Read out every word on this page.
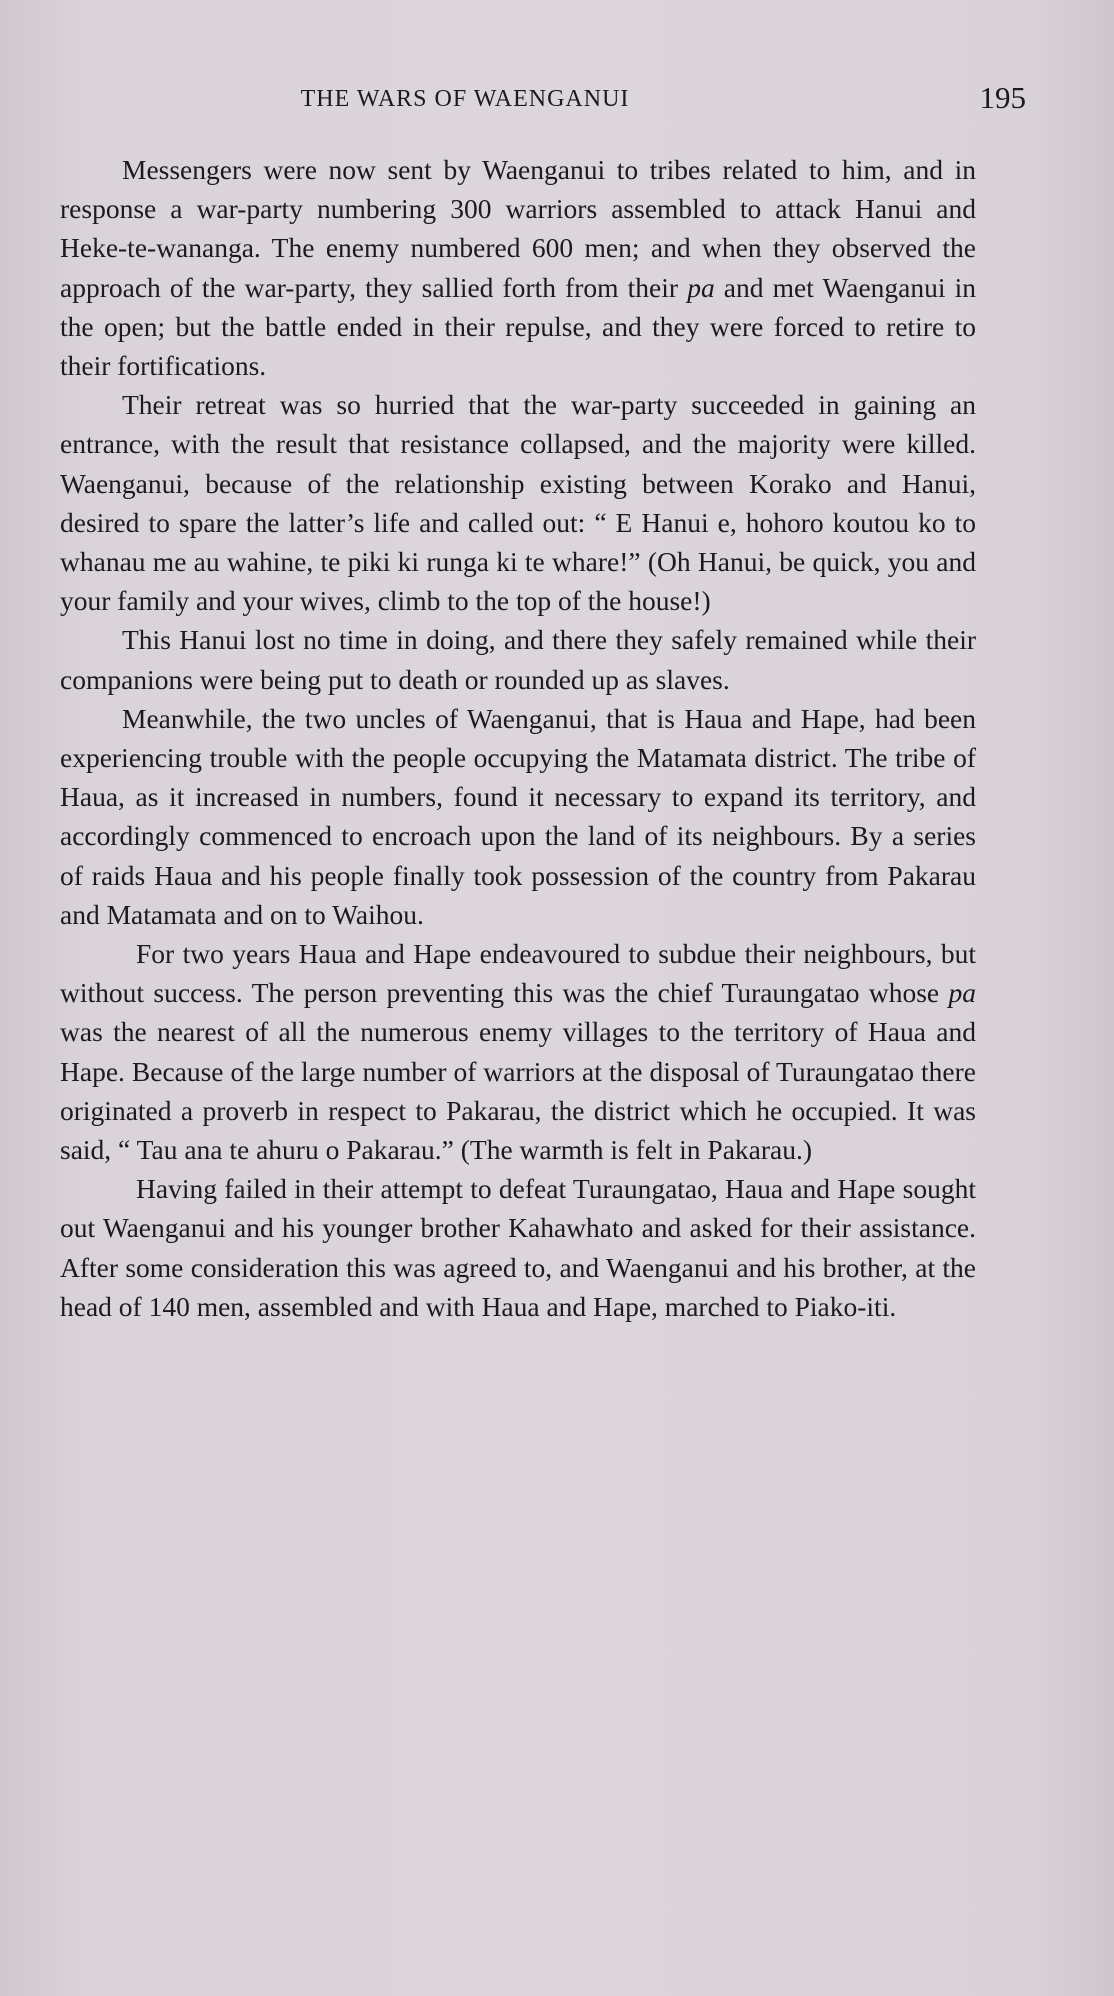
THE WARS OF WAENGANUI	195

Messengers were now sent by Waenganui to tribes related to him, and in response a war-party numbering 300 warriors assembled to attack Hanui and Heke-te-wananga. The enemy numbered 600 men; and when they observed the approach of the war-party, they sallied forth from their pa and met Waenganui in the open; but the battle ended in their repulse, and they were forced to retire to their fortifications.

Their retreat was so hurried that the war-party succeeded in gaining an entrance, with the result that resistance collapsed, and the majority were killed. Waenganui, because of the relationship existing between Korako and Hanui, desired to spare the latter’s life and called out: “ E Hanui e, hohoro koutou ko to whanau me au wahine, te piki ki runga ki te whare!” (Oh Hanui, be quick, you and your family and your wives, climb to the top of the house!)

This Hanui lost no time in doing, and there they safely remained while their companions were being put to death or rounded up as slaves.

Meanwhile, the two uncles of Waenganui, that is Haua and Hape, had been experiencing trouble with the people occupying the Matamata district. The tribe of Haua, as it increased in numbers, found it necessary to expand its territory, and accordingly commenced to encroach upon the land of its neighbours. By a series of raids Haua and his people finally took possession of the country from Pakarau and Matamata and on to Waihou.

For two years Haua and Hape endeavoured to subdue their neighbours, but without success. The person preventing this was the chief Turaungatao whose pa was the nearest of all the numerous enemy villages to the territory of Haua and Hape. Because of the large number of warriors at the disposal of Turaungatao there originated a proverb in respect to Pakarau, the district which he occupied. It was said, “ Tau ana te ahuru o Pakarau.” (The warmth is felt in Pakarau.)

Having failed in their attempt to defeat Turaungatao, Haua and Hape sought out Waenganui and his younger brother Kahawhato and asked for their assistance. After some consideration this was agreed to, and Waenganui and his brother, at the head of 140 men, assembled and with Haua and Hape, marched to Piako-iti.
